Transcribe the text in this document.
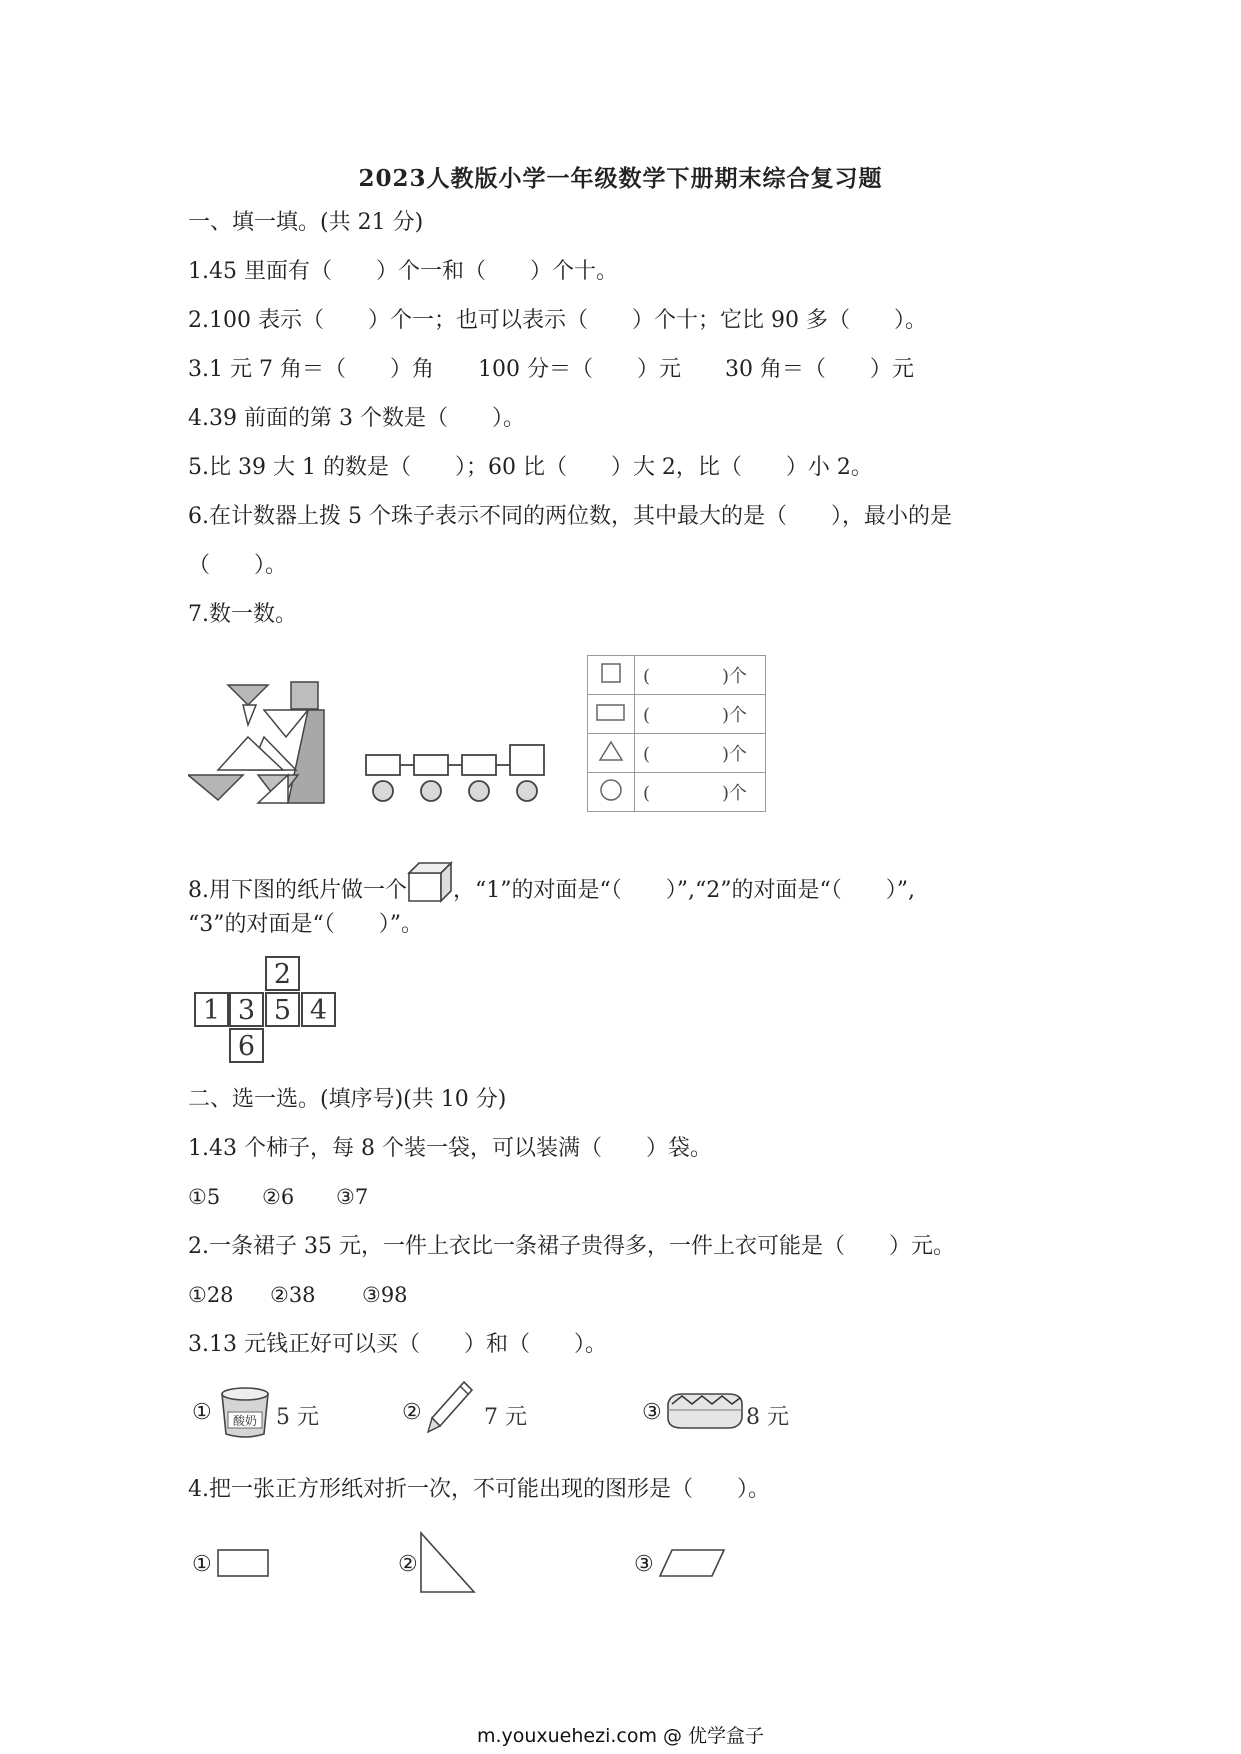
2023人教版小学一年级数学下册期末综合复习题
一、填一填。(共 21 分)
1.45 里面有（　　）个一和（　　）个十。
2.100 表示（　　）个一；也可以表示（　　）个十；它比 90 多（　　）。
3.1 元 7 角＝（　　）角　　100 分＝（　　）元　　30 角＝（　　）元
4.39 前面的第 3 个数是（　　）。
5.比 39 大 1 的数是（　　）；60 比（　　）大 2，比（　　）小 2。
6.在计数器上拨 5 个珠子表示不同的两位数，其中最大的是（　　），最小的是
（　　）。
7.数一数。
	(　　　　)个
	(　　　　)个
	(　　　　)个
	(　　　　)个
8.用下图的纸片做一个 ，“1”的对面是“（　　）”,“2”的对面是“（　　）”,
“3”的对面是“（　　）”。
2
1 3 5 4
6
二、选一选。(填序号)(共 10 分)
1.43 个柿子，每 8 个装一袋，可以装满（　　）袋。
①5 ②6 ③7
2.一条裙子 35 元，一件上衣比一条裙子贵得多，一件上衣可能是（　　）元。
①28 ②38 ③98
3.13 元钱正好可以买（　　）和（　　）。
① 酸奶 5 元	②	7 元	③	8 元
4.把一张正方形纸对折一次，不可能出现的图形是（　　）。
①	②	③
m.youxuehezi.com @ 优学盒子
